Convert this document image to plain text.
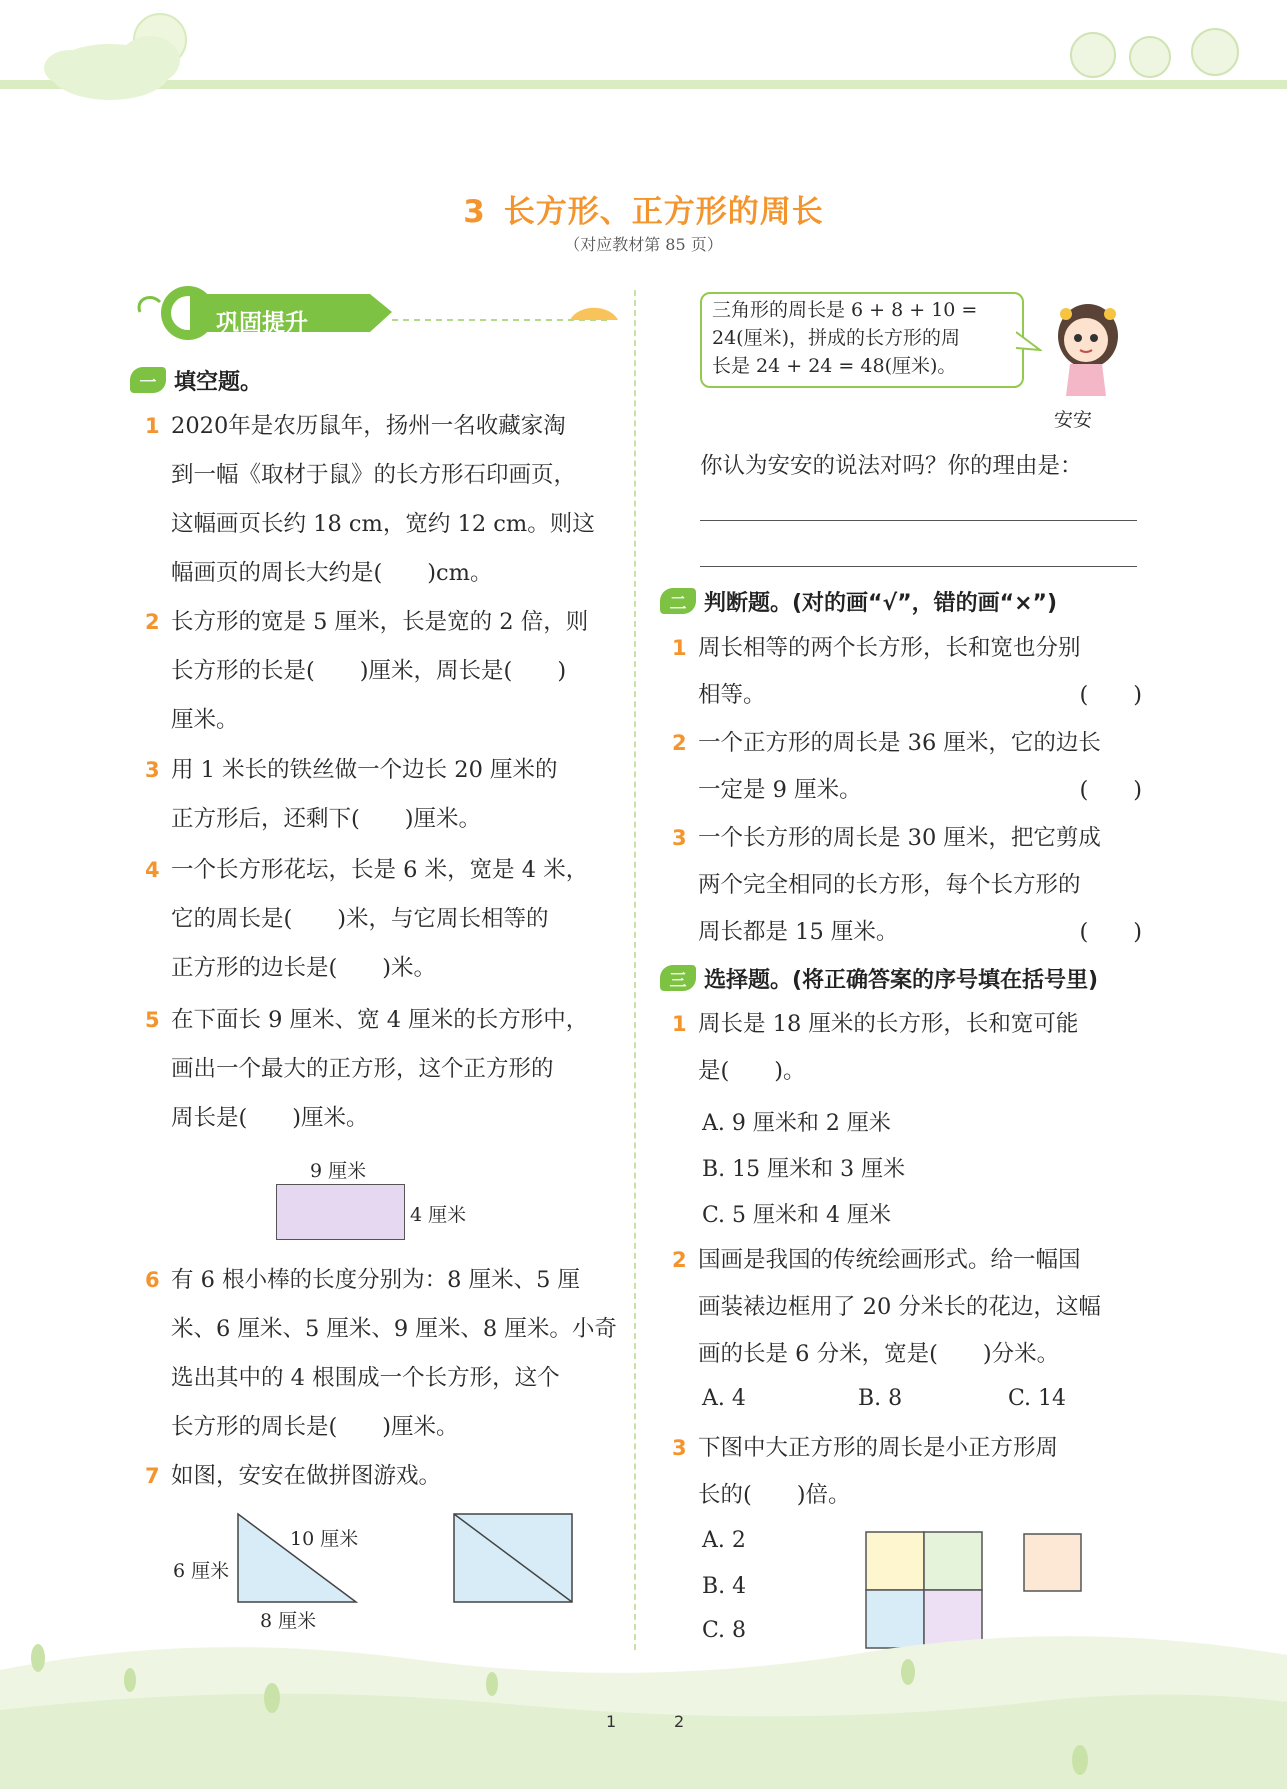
3 长方形、正方形的周长
（对应教材第 85 页）
巩固提升
一 填空题。
1 2020年是农历鼠年，扬州一名收藏家淘
到一幅《取材于鼠》的长方形石印画页，
这幅画页长约 18 cm，宽约 12 cm。则这
幅画页的周长大约是(　　)cm。
2 长方形的宽是 5 厘米，长是宽的 2 倍，则
长方形的长是(　　)厘米，周长是(　　)
厘米。
3 用 1 米长的铁丝做一个边长 20 厘米的
正方形后，还剩下(　　)厘米。
4 一个长方形花坛，长是 6 米，宽是 4 米，
它的周长是(　　)米，与它周长相等的
正方形的边长是(　　)米。
5 在下面长 9 厘米、宽 4 厘米的长方形中，
画出一个最大的正方形，这个正方形的
周长是(　　)厘米。
9 厘米
4 厘米
6 有 6 根小棒的长度分别为：8 厘米、5 厘
米、6 厘米、5 厘米、9 厘米、8 厘米。小奇
选出其中的 4 根围成一个长方形，这个
长方形的周长是(　　)厘米。
7 如图，安安在做拼图游戏。
10 厘米
6 厘米
8 厘米
三角形的周长是 6 + 8 + 10 =
24(厘米)，拼成的长方形的周
长是 24 + 24 = 48(厘米)。
安安
你认为安安的说法对吗？你的理由是：
二 判断题。(对的画“√”，错的画“×”)
1 周长相等的两个长方形，长和宽也分别
相等。	(　　)
2 一个正方形的周长是 36 厘米，它的边长
一定是 9 厘米。	(　　)
3 一个长方形的周长是 30 厘米，把它剪成
两个完全相同的长方形，每个长方形的
周长都是 15 厘米。	(　　)
三 选择题。(将正确答案的序号填在括号里)
1 周长是 18 厘米的长方形，长和宽可能
是(　　)。
A. 9 厘米和 2 厘米
B. 15 厘米和 3 厘米
C. 5 厘米和 4 厘米
2 国画是我国的传统绘画形式。给一幅国
画装裱边框用了 20 分米长的花边，这幅
画的长是 6 分米，宽是(　　)分米。
A. 4	B. 8	C. 14
3 下图中大正方形的周长是小正方形周
长的(　　)倍。
A. 2
B. 4
C. 8
1	2
